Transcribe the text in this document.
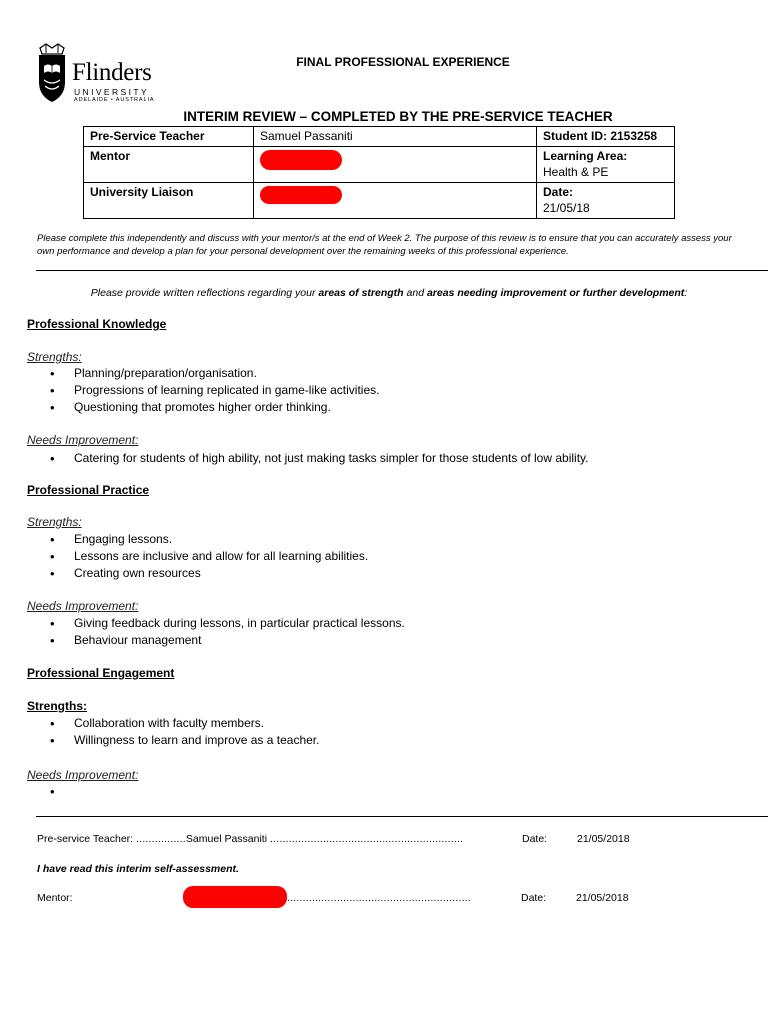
Flinders
UNIVERSITY
ADELAIDE • AUSTRALIA
FINAL PROFESSIONAL EXPERIENCE
INTERIM REVIEW – COMPLETED BY THE PRE-SERVICE TEACHER
Pre-Service Teacher	Samuel Passaniti	Student ID: 2153258
Mentor		Learning Area:
Health & PE

University Liaison		Date:
21/05/18
Please complete this independently and discuss with your mentor/s at the end of Week 2. The purpose of this review is to ensure that you can accurately assess your own performance and develop a plan for your personal development over the remaining weeks of this professional experience.
Please provide written reflections regarding your areas of strength and areas needing improvement or further development:
Professional Knowledge
Strengths:
• Planning/preparation/organisation.
• Progressions of learning replicated in game-like activities.
• Questioning that promotes higher order thinking.
Needs Improvement:
• Catering for students of high ability, not just making tasks simpler for those students of low ability.
Professional Practice
Strengths:
• Engaging lessons.
• Lessons are inclusive and allow for all learning abilities.
• Creating own resources
Needs Improvement:
• Giving feedback during lessons, in particular practical lessons.
• Behaviour management
Professional Engagement
Strengths:
• Collaboration with faculty members.
• Willingness to learn and improve as a teacher.
Needs Improvement:
Pre-service Teacher: ................Samuel Passaniti ..............................................................	Date:	21/05/2018
I have read this interim self-assessment.
Mentor:	...........................................................	Date:	21/05/2018
